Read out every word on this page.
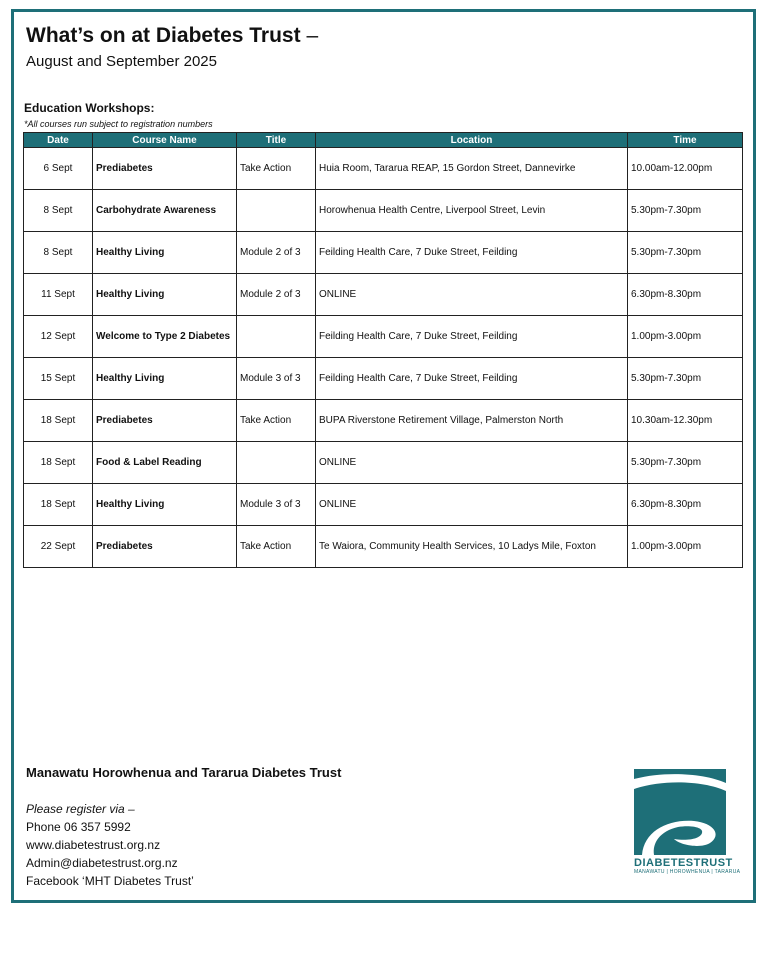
What’s on at Diabetes Trust –
August and September 2025
Education Workshops:
*All courses run subject to registration numbers
Date	Course Name	Title	Location	Time
6 Sept	Prediabetes	Take Action	Huia Room, Tararua REAP, 15 Gordon Street, Dannevirke	10.00am-12.00pm
8 Sept	Carbohydrate Awareness		Horowhenua Health Centre, Liverpool Street, Levin	5.30pm-7.30pm
8 Sept	Healthy Living	Module 2 of 3	Feilding Health Care, 7 Duke Street, Feilding	5.30pm-7.30pm
11 Sept	Healthy Living	Module 2 of 3	ONLINE	6.30pm-8.30pm
12 Sept	Welcome to Type 2 Diabetes		Feilding Health Care, 7 Duke Street, Feilding	1.00pm-3.00pm
15 Sept	Healthy Living	Module 3 of 3	Feilding Health Care, 7 Duke Street, Feilding	5.30pm-7.30pm
18 Sept	Prediabetes	Take Action	BUPA Riverstone Retirement Village, Palmerston North	10.30am-12.30pm
18 Sept	Food & Label Reading		ONLINE	5.30pm-7.30pm
18 Sept	Healthy Living	Module 3 of 3	ONLINE	6.30pm-8.30pm
22 Sept	Prediabetes	Take Action	Te Waiora, Community Health Services, 10 Ladys Mile, Foxton	1.00pm-3.00pm
Manawatu Horowhenua and Tararua Diabetes Trust
Please register via –
Phone 06 357 5992
www.diabetestrust.org.nz
Admin@diabetestrust.org.nz
Facebook ‘MHT Diabetes Trust’
DIABETESTRUST
MANAWATU | HOROWHENUA | TARARUA
